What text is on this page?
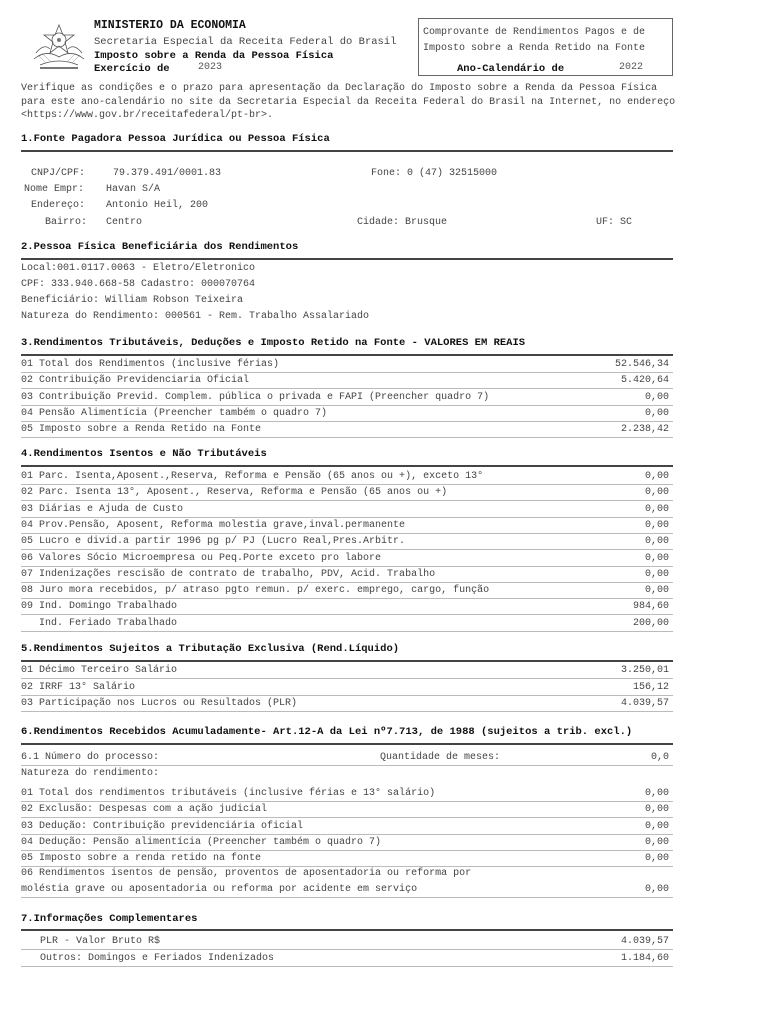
MINISTERIO DA ECONOMIA
Secretaria Especial da Receita Federal do Brasil
Imposto sobre a Renda da Pessoa Física
Exercício de	2023
Comprovante de Rendimentos Pagos e de
Imposto sobre a Renda Retido na Fonte
Ano-Calendário de	2022
Verifique as condições e o prazo para apresentação da Declaração do Imposto sobre a Renda da Pessoa Física para este ano-calendário no site da Secretaria Especial da Receita Federal do Brasil na Internet, no endereço <https://www.gov.br/receitafederal/pt-br>.
1.Fonte Pagadora Pessoa Jurídica ou Pessoa Física
CNPJ/CPF:	79.379.491/0001.83	Fone: 0 (47) 32515000
Nome Empr: Havan S/A
Endereço: Antonio Heil, 200
Bairro: Centro	Cidade: Brusque	UF: SC
2.Pessoa Física Beneficiária dos Rendimentos
Local:001.0117.0063 - Eletro/Eletronico
CPF: 333.940.668-58 Cadastro: 000070764
Beneficiário: William Robson Teixeira
Natureza do Rendimento: 000561 - Rem. Trabalho Assalariado
3.Rendimentos Tributáveis, Deduções e Imposto Retido na Fonte - VALORES EM REAIS
01 Total dos Rendimentos (inclusive férias)	52.546,34
02 Contribuição Previdenciaria Oficial	5.420,64
03 Contribuição Previd. Complem. pública o privada e FAPI (Preencher quadro 7)	0,00
04 Pensão Alimentícia (Preencher também o quadro 7)	0,00
05 Imposto sobre a Renda Retido na Fonte	2.238,42
4.Rendimentos Isentos e Não Tributáveis
01 Parc. Isenta,Aposent.,Reserva, Reforma e Pensão (65 anos ou +), exceto 13°	0,00
02 Parc. Isenta 13°, Aposent., Reserva, Reforma e Pensão (65 anos ou +)	0,00
03 Diárias e Ajuda de Custo	0,00
04 Prov.Pensão, Aposent, Reforma molestia grave,inval.permanente	0,00
05 Lucro e divid.a partir 1996 pg p/ PJ (Lucro Real,Pres.Arbitr.	0,00
06 Valores Sócio Microempresa ou Peq.Porte exceto pro labore	0,00
07 Indenizações rescisão de contrato de trabalho, PDV, Acid. Trabalho	0,00
08 Juro mora recebidos, p/ atraso pgto remun. p/ exerc. emprego, cargo, função	0,00
09 Ind. Domingo Trabalhado	984,60
Ind. Feriado Trabalhado	200,00
5.Rendimentos Sujeitos a Tributação Exclusiva (Rend.Líquido)
01 Décimo Terceiro Salário	3.250,01
02 IRRF 13° Salário	156,12
03 Participação nos Lucros ou Resultados (PLR)	4.039,57
6.Rendimentos Recebidos Acumuladamente- Art.12-A da Lei nº7.713, de 1988 (sujeitos a trib. excl.)
6.1 Número do processo:	Quantidade de meses:	0,0
Natureza do rendimento:
01 Total dos rendimentos tributáveis (inclusive férias e 13° salário)	0,00
02 Exclusão: Despesas com a ação judicial	0,00
03 Dedução: Contribuição previdenciária oficial	0,00
04 Dedução: Pensão alimentícia (Preencher também o quadro 7)	0,00
05 Imposto sobre a renda retido na fonte	0,00
06 Rendimentos isentos de pensão, proventos de aposentadoria ou reforma por
moléstia grave ou aposentadoria ou reforma por acidente em serviço	0,00
7.Informações Complementares
PLR - Valor Bruto R$	4.039,57
Outros: Domingos e Feriados Indenizados	1.184,60
